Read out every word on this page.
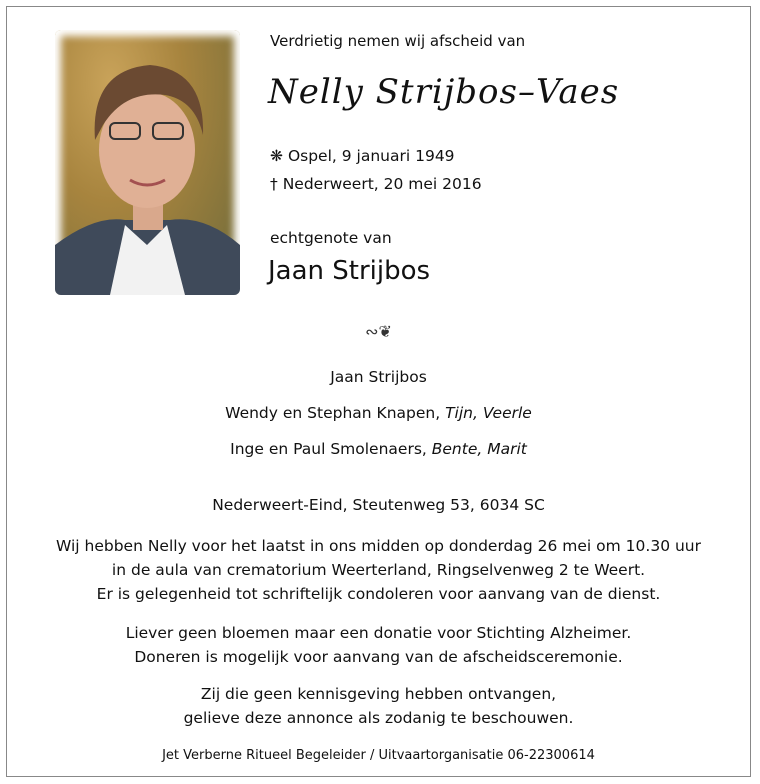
Verdrietig nemen wij afscheid van
Nelly Strijbos–Vaes
❋ Ospel, 9 januari 1949
† Nederweert, 20 mei 2016
echtgenote van
Jaan Strijbos
∾❦
Jaan Strijbos
Wendy en Stephan Knapen, Tijn, Veerle
Inge en Paul Smolenaers, Bente, Marit
Nederweert-Eind, Steutenweg 53, 6034 SC
Wij hebben Nelly voor het laatst in ons midden op donderdag 26 mei om 10.30 uur
in de aula van crematorium Weerterland, Ringselvenweg 2 te Weert.
Er is gelegenheid tot schriftelijk condoleren voor aanvang van de dienst.
Liever geen bloemen maar een donatie voor Stichting Alzheimer.
Doneren is mogelijk voor aanvang van de afscheidsceremonie.
Zij die geen kennisgeving hebben ontvangen,
gelieve deze annonce als zodanig te beschouwen.
Jet Verberne Ritueel Begeleider / Uitvaartorganisatie 06-22300614
